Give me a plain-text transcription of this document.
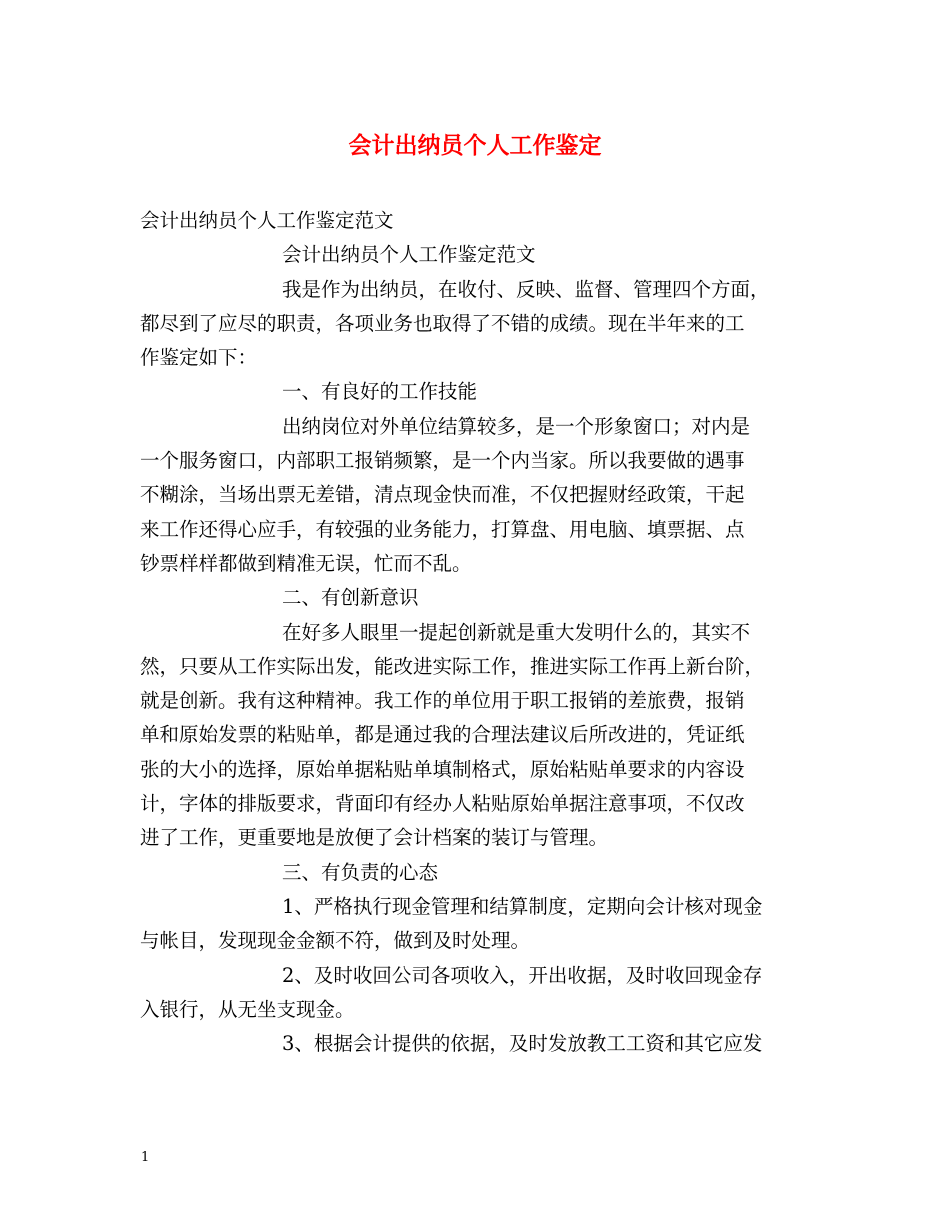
会计出纳员个人工作鉴定
会计出纳员个人工作鉴定范文
会计出纳员个人工作鉴定范文
我是作为出纳员，在收付、反映、监督、管理四个方面，
都尽到了应尽的职责，各项业务也取得了不错的成绩。现在半年来的工
作鉴定如下：
一、有良好的工作技能
出纳岗位对外单位结算较多，是一个形象窗口；对内是
一个服务窗口，内部职工报销频繁，是一个内当家。所以我要做的遇事
不糊涂，当场出票无差错，清点现金快而准，不仅把握财经政策，干起
来工作还得心应手，有较强的业务能力，打算盘、用电脑、填票据、点
钞票样样都做到精准无误，忙而不乱。
二、有创新意识
在好多人眼里一提起创新就是重大发明什么的，其实不
然，只要从工作实际出发，能改进实际工作，推进实际工作再上新台阶，
就是创新。我有这种精神。我工作的单位用于职工报销的差旅费，报销
单和原始发票的粘贴单，都是通过我的合理法建议后所改进的，凭证纸
张的大小的选择，原始单据粘贴单填制格式，原始粘贴单要求的内容设
计，字体的排版要求，背面印有经办人粘贴原始单据注意事项，不仅改
进了工作，更重要地是放便了会计档案的装订与管理。
三、有负责的心态
1、严格执行现金管理和结算制度，定期向会计核对现金
与帐目，发现现金金额不符，做到及时处理。
2、及时收回公司各项收入，开出收据，及时收回现金存
入银行，从无坐支现金。
3、根据会计提供的依据，及时发放教工工资和其它应发
1
